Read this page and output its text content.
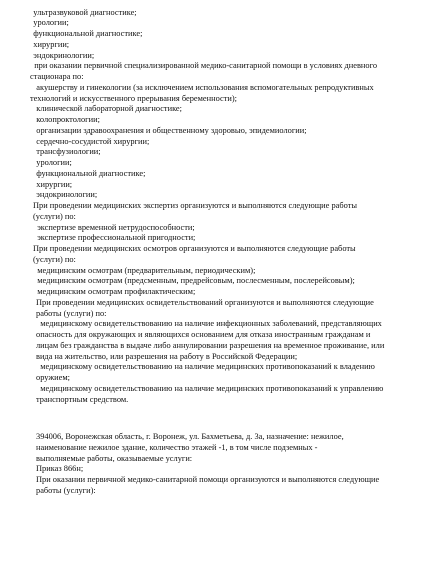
ультразвуковой диагностике;
урологии;
функциональной диагностике;
хирургии;
эндокринологии;
при оказании первичной специализированной медико-санитарной помощи в условиях дневного
стационара по:
акушерству и гинекологии (за исключением использования вспомогательных репродуктивных
технологий и искусственного прерывания беременности);
клинической лабораторной диагностике;
колопроктологии;
организации здравоохранения и общественному здоровью, эпидемиологии;
сердечно-сосудистой хирургии;
трансфузиологии;
урологии;
функциональной диагностике;
хирургии;
эндокринологии;
При проведении медицинских экспертиз организуются и выполняются следующие работы
(услуги) по:
экспертизе временной нетрудоспособности;
экспертизе профессиональной пригодности;
При проведении медицинских осмотров организуются и выполняются следующие работы
(услуги) по:
медицинским осмотрам (предварительным, периодическим);
медицинским осмотрам (предсменным, предрейсовым, послесменным, послерейсовым);
медицинским осмотрам профилактическим;
При проведении медицинских освидетельствований организуются и выполняются следующие
работы (услуги) по:
медицинскому освидетельствованию на наличие инфекционных заболеваний, представляющих
опасность для окружающих и являющихся основанием для отказа иностранным гражданам и
лицам без гражданства в выдаче либо аннулировании разрешения на временное проживание, или
вида на жительство, или разрешения на работу в Российской Федерации;
медицинскому освидетельствованию на наличие медицинских противопоказаний к владению
оружием;
медицинскому освидетельствованию на наличие медицинских противопоказаний к управлению
транспортным средством.
394006, Воронежская область, г. Воронеж, ул. Бахметьева, д. 3а, назначение: нежилое,
наименование нежилое здание, количество этажей -1, в том числе подземных -
выполняемые работы, оказываемые услуги:
Приказ 866н;
При оказании первичной медико-санитарной помощи организуются и выполняются следующие
работы (услуги):
